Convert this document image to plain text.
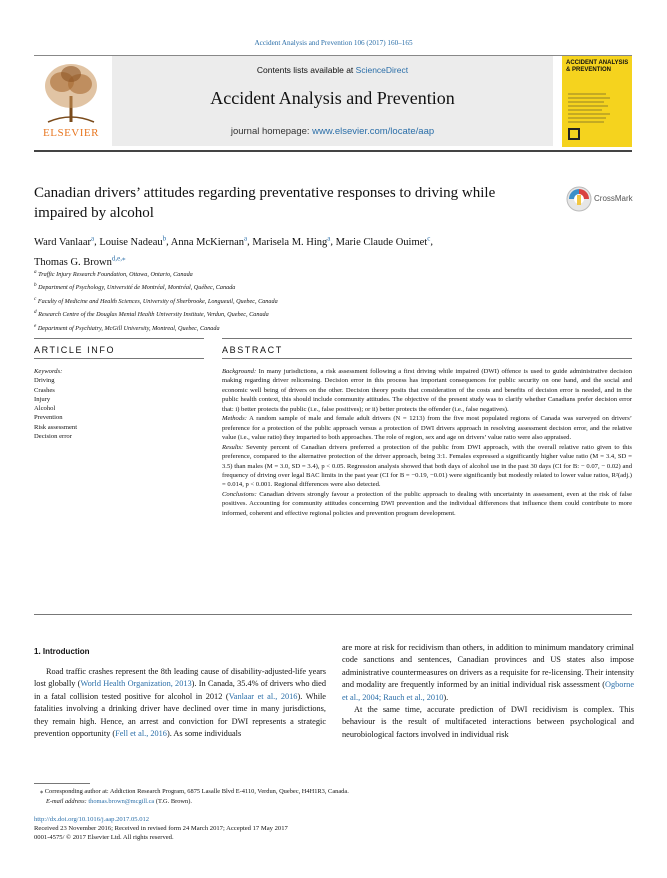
Accident Analysis and Prevention 106 (2017) 160–165
ELSEVIER
Contents lists available at ScienceDirect
Accident Analysis and Prevention
journal homepage: www.elsevier.com/locate/aap
ACCIDENT ANALYSIS & PREVENTION
Canadian drivers’ attitudes regarding preventative responses to driving while impaired by alcohol
CrossMark
Ward Vanlaar$^a$, Louise Nadeau$^b$, Anna McKiernan$^a$, Marisela M. Hing$^a$, Marie Claude Ouimet$^c$,
Thomas G. Brown$^{d,e,⁎}$
$^a$ Traffic Injury Research Foundation, Ottawa, Ontario, Canada
$^b$ Department of Psychology, Université de Montréal, Montréal, Québec, Canada
$^c$ Faculty of Medicine and Health Sciences, University of Sherbrooke, Longueuil, Quebec, Canada
$^d$ Research Centre of the Douglas Mental Health University Institute, Verdun, Quebec, Canada
$^e$ Department of Psychiatry, McGill University, Montreal, Quebec, Canada
ARTICLE INFO	ABSTRACT
Keywords:
Driving
Crashes
Injury
Alcohol
Prevention
Risk assessment
Decision error

Background: In many jurisdictions, a risk assessment following a first driving while impaired (DWI) offence is used to guide administrative decision making regarding driver relicensing. Decision error in this process has important consequences for public security on one hand, and the social and economic well being of drivers on the other. Decision theory posits that consideration of the costs and benefits of decision error is needed, and in the public health context, this should include community attitudes. The objective of the present study was to clarify whether Canadians prefer decision error that: i) better protects the public (i.e., false positives); or ii) better protects the offender (i.e., false negatives).

Methods: A random sample of male and female adult drivers (N = 1213) from the five most populated regions of Canada was surveyed on drivers’ preference for a protection of the public approach versus a protection of DWI drivers approach in resolving assessment decision error, and the relative value (i.e., value ratio) they imparted to both approaches. The role of region, sex and age on drivers’ value ratio were also appraised.

Results: Seventy percent of Canadian drivers preferred a protection of the public from DWI approach, with the overall relative ratio given to this preference, compared to the alternative protection of the driver approach, being 3:1. Females expressed a significantly higher value ratio (M = 3.4, SD = 3.5) than males (M = 3.0, SD = 3.4), p < 0.05. Regression analysis showed that both days of alcohol use in the past 30 days (CI for B: − 0.07, − 0.02) and frequency of driving over legal BAC limits in the past year (CI for B = −0.19, −0.01) were significantly but modestly related to lower value ratios, R²(adj.) = 0.014, p < 0.001. Regional differences were also detected.

Conclusions: Canadian drivers strongly favour a protection of the public approach to dealing with uncertainty in assessment, even at the risk of false positives. Accounting for community attitudes concerning DWI prevention and the individual differences that influence them could contribute to more informed, coherent and effective regional policies and prevention program development.

1. Introduction

Road traffic crashes represent the 8th leading cause of disability-adjusted-life years lost globally (World Health Organization, 2013). In Canada, 35.4% of drivers who died in a fatal collision tested positive for alcohol in 2012 (Vanlaar et al., 2016). While fatalities involving a drinking driver have declined over time in many jurisdictions, they remain high. Hence, an arrest and conviction for DWI represents a strategic prevention opportunity (Fell et al., 2016). As some individuals

are more at risk for recidivism than others, in addition to minimum mandatory criminal code sanctions and sentences, Canadian provinces and US states also impose administrative countermeasures on drivers as a requisite for re-licensing. Their intensity and modality are frequently informed by an initial individual risk assessment (Ogborne et al., 2004; Rauch et al., 2010).

At the same time, accurate prediction of DWI recidivism is complex. This behaviour is the result of multifaceted interactions between psychological and neurobiological factors involved in individual risk

⁎ Corresponding author at: Addiction Research Program, 6875 Lasalle Blvd E-4110, Verdun, Quebec, H4H1R3, Canada.
E-mail address: thomas.brown@mcgill.ca (T.G. Brown).
http://dx.doi.org/10.1016/j.aap.2017.05.012
Received 23 November 2016; Received in revised form 24 March 2017; Accepted 17 May 2017
0001-4575/ © 2017 Elsevier Ltd. All rights reserved.
